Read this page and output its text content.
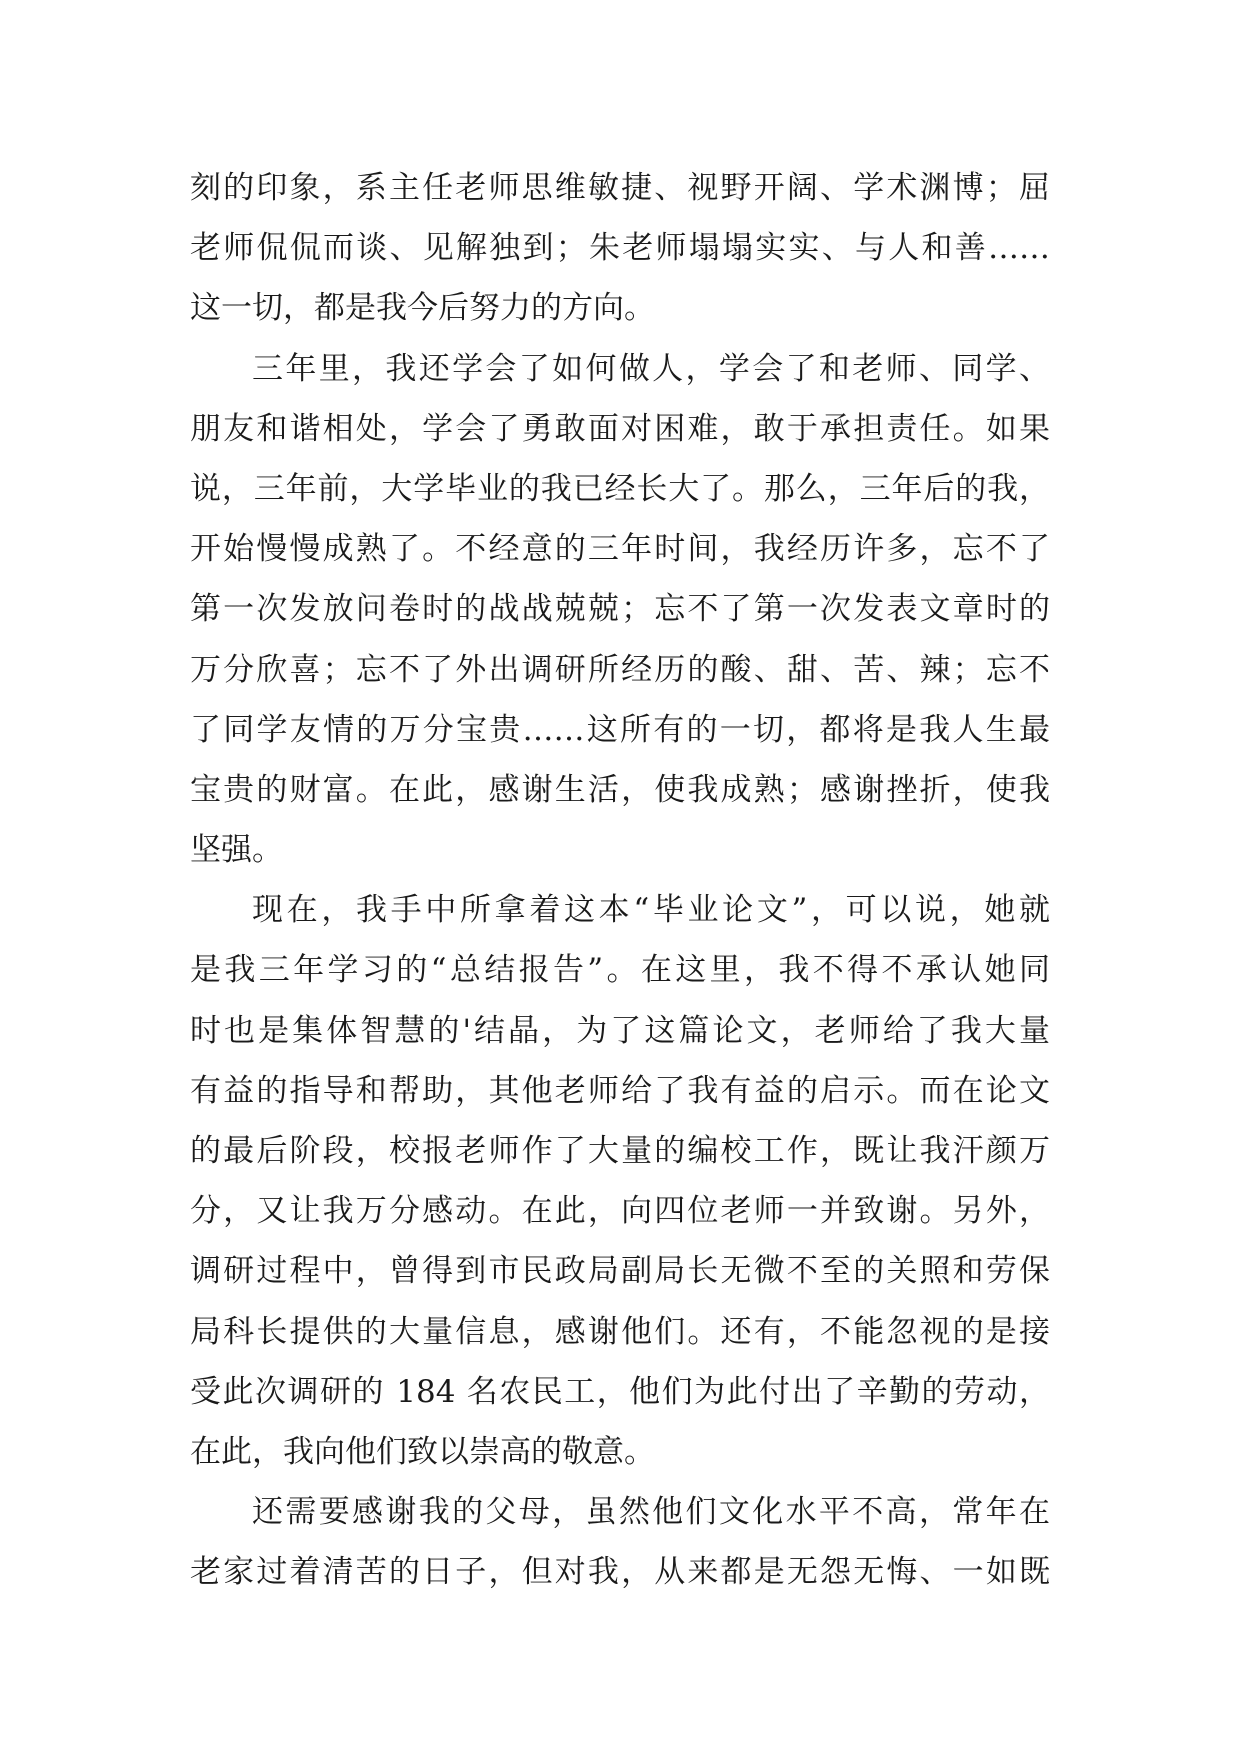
刻的印象，系主任老师思维敏捷、视野开阔、学术渊博；屈
老师侃侃而谈、见解独到；朱老师塌塌实实、与人和善……
这一切，都是我今后努力的方向。

三年里，我还学会了如何做人，学会了和老师、同学、
朋友和谐相处，学会了勇敢面对困难，敢于承担责任。如果
说，三年前，大学毕业的我已经长大了。那么，三年后的我，
开始慢慢成熟了。不经意的三年时间，我经历许多，忘不了
第一次发放问卷时的战战兢兢；忘不了第一次发表文章时的
万分欣喜；忘不了外出调研所经历的酸、甜、苦、辣；忘不
了同学友情的万分宝贵……这所有的一切，都将是我人生最
宝贵的财富。在此，感谢生活，使我成熟；感谢挫折，使我
坚强。

现在，我手中所拿着这本“毕业论文”，可以说，她就
是我三年学习的“总结报告”。在这里，我不得不承认她同
时也是集体智慧的'结晶，为了这篇论文，老师给了我大量
有益的指导和帮助，其他老师给了我有益的启示。而在论文
的最后阶段，校报老师作了大量的编校工作，既让我汗颜万
分，又让我万分感动。在此，向四位老师一并致谢。另外，
调研过程中，曾得到市民政局副局长无微不至的关照和劳保
局科长提供的大量信息，感谢他们。还有，不能忽视的是接
受此次调研的 184 名农民工，他们为此付出了辛勤的劳动，
在此，我向他们致以崇高的敬意。

还需要感谢我的父母，虽然他们文化水平不高，常年在
老家过着清苦的日子，但对我，从来都是无怨无悔、一如既
